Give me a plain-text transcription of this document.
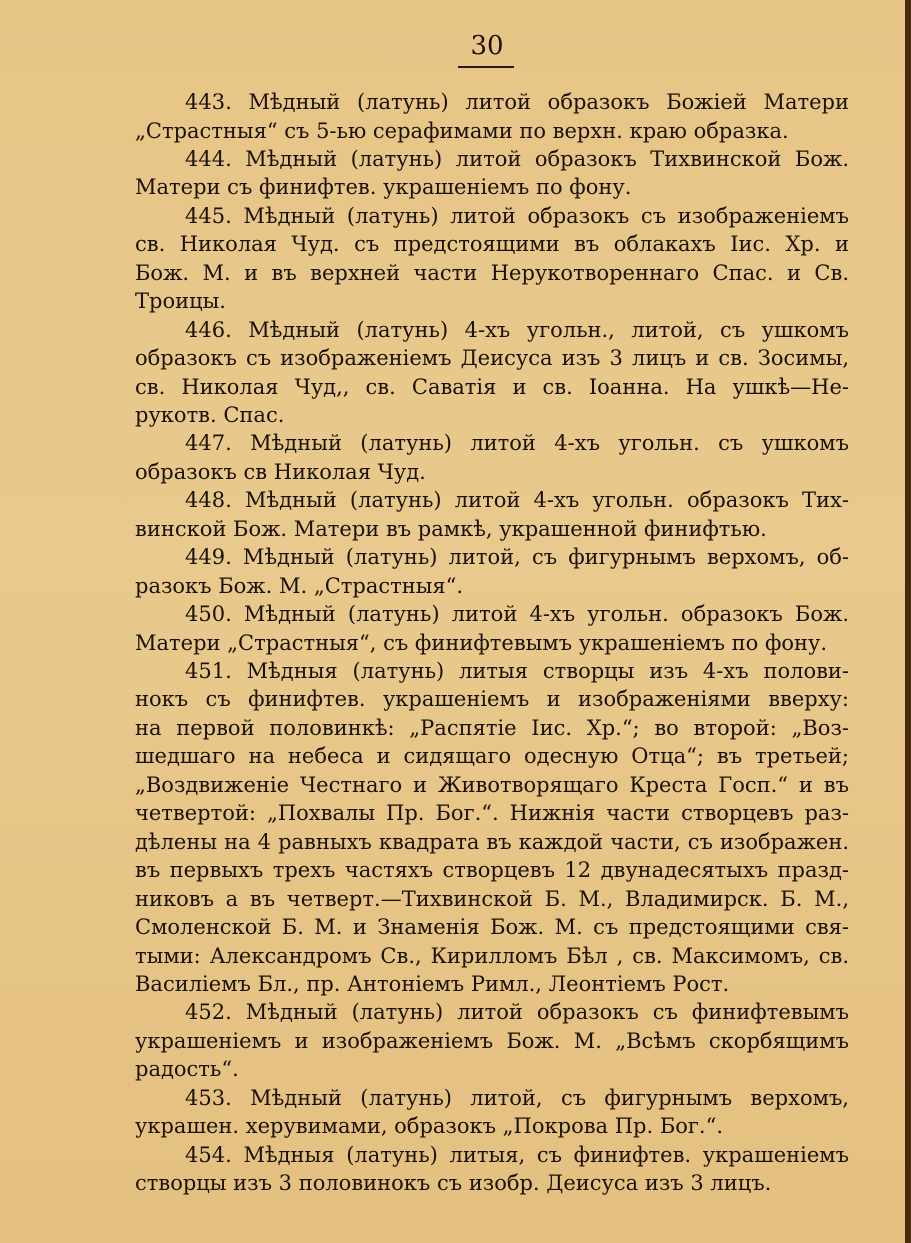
30
443. Мѣдный (латунь) литой образокъ Божіей Матери
„Страстныя“ съ 5-ью серафимами по верхн. краю образка.
444. Мѣдный (латунь) литой образокъ Тихвинской Бож.
Матери съ финифтев. украшеніемъ по фону.
445. Мѣдный (латунь) литой образокъ съ изображеніемъ
св. Николая Чуд. съ предстоящими въ облакахъ Іис. Хр. и
Бож. М. и въ верхней части Нерукотвореннаго Спас. и Св.
Троицы.
446. Мѣдный (латунь) 4-хъ угольн., литой, съ ушкомъ
образокъ съ изображеніемъ Деисуса изъ 3 лицъ и св. Зосимы,
св. Николая Чуд,, св. Саватія и св. Іоанна. На ушкѣ—Не-
рукотв. Спас.
447. Мѣдный (латунь) литой 4-хъ угольн. съ ушкомъ
образокъ св Николая Чуд.
448. Мѣдный (латунь) литой 4-хъ угольн. образокъ Тих-
винской Бож. Матери въ рамкѣ, украшенной финифтью.
449. Мѣдный (латунь) литой, съ фигурнымъ верхомъ, об-
разокъ Бож. М. „Страстныя“.
450. Мѣдный (латунь) литой 4-хъ угольн. образокъ Бож.
Матери „Страстныя“, съ финифтевымъ украшеніемъ по фону.
451. Мѣдныя (латунь) литыя створцы изъ 4-хъ полови-
нокъ съ финифтев. украшеніемъ и изображеніями вверху:
на первой половинкѣ: „Распятіе Іис. Хр.“; во второй: „Воз-
шедшаго на небеса и сидящаго одесную Отца“; въ третьей;
„Воздвиженіе Честнаго и Животворящаго Креста Госп.“ и въ
четвертой: „Похвалы Пр. Бог.“. Нижнія части створцевъ раз-
дѣлены на 4 равныхъ квадрата въ каждой части, съ изображен.
въ первыхъ трехъ частяхъ створцевъ 12 двунадесятыхъ празд-
никовъ а въ четверт.—Тихвинской Б. М., Владимирск. Б. М.,
Смоленской Б. М. и Знаменія Бож. М. съ предстоящими свя-
тыми: Александромъ Св., Кирилломъ Бѣл , св. Максимомъ, св.
Василіемъ Бл., пр. Антоніемъ Римл., Леонтіемъ Рост.
452. Мѣдный (латунь) литой образокъ съ финифтевымъ
украшеніемъ и изображеніемъ Бож. М. „Всѣмъ скорбящимъ
радость“.
453. Мѣдный (латунь) литой, съ фигурнымъ верхомъ,
украшен. херувимами, образокъ „Покрова Пр. Бог.“.
454. Мѣдныя (латунь) литыя, съ финифтев. украшеніемъ
створцы изъ 3 половинокъ съ изобр. Деисуса изъ 3 лицъ.
